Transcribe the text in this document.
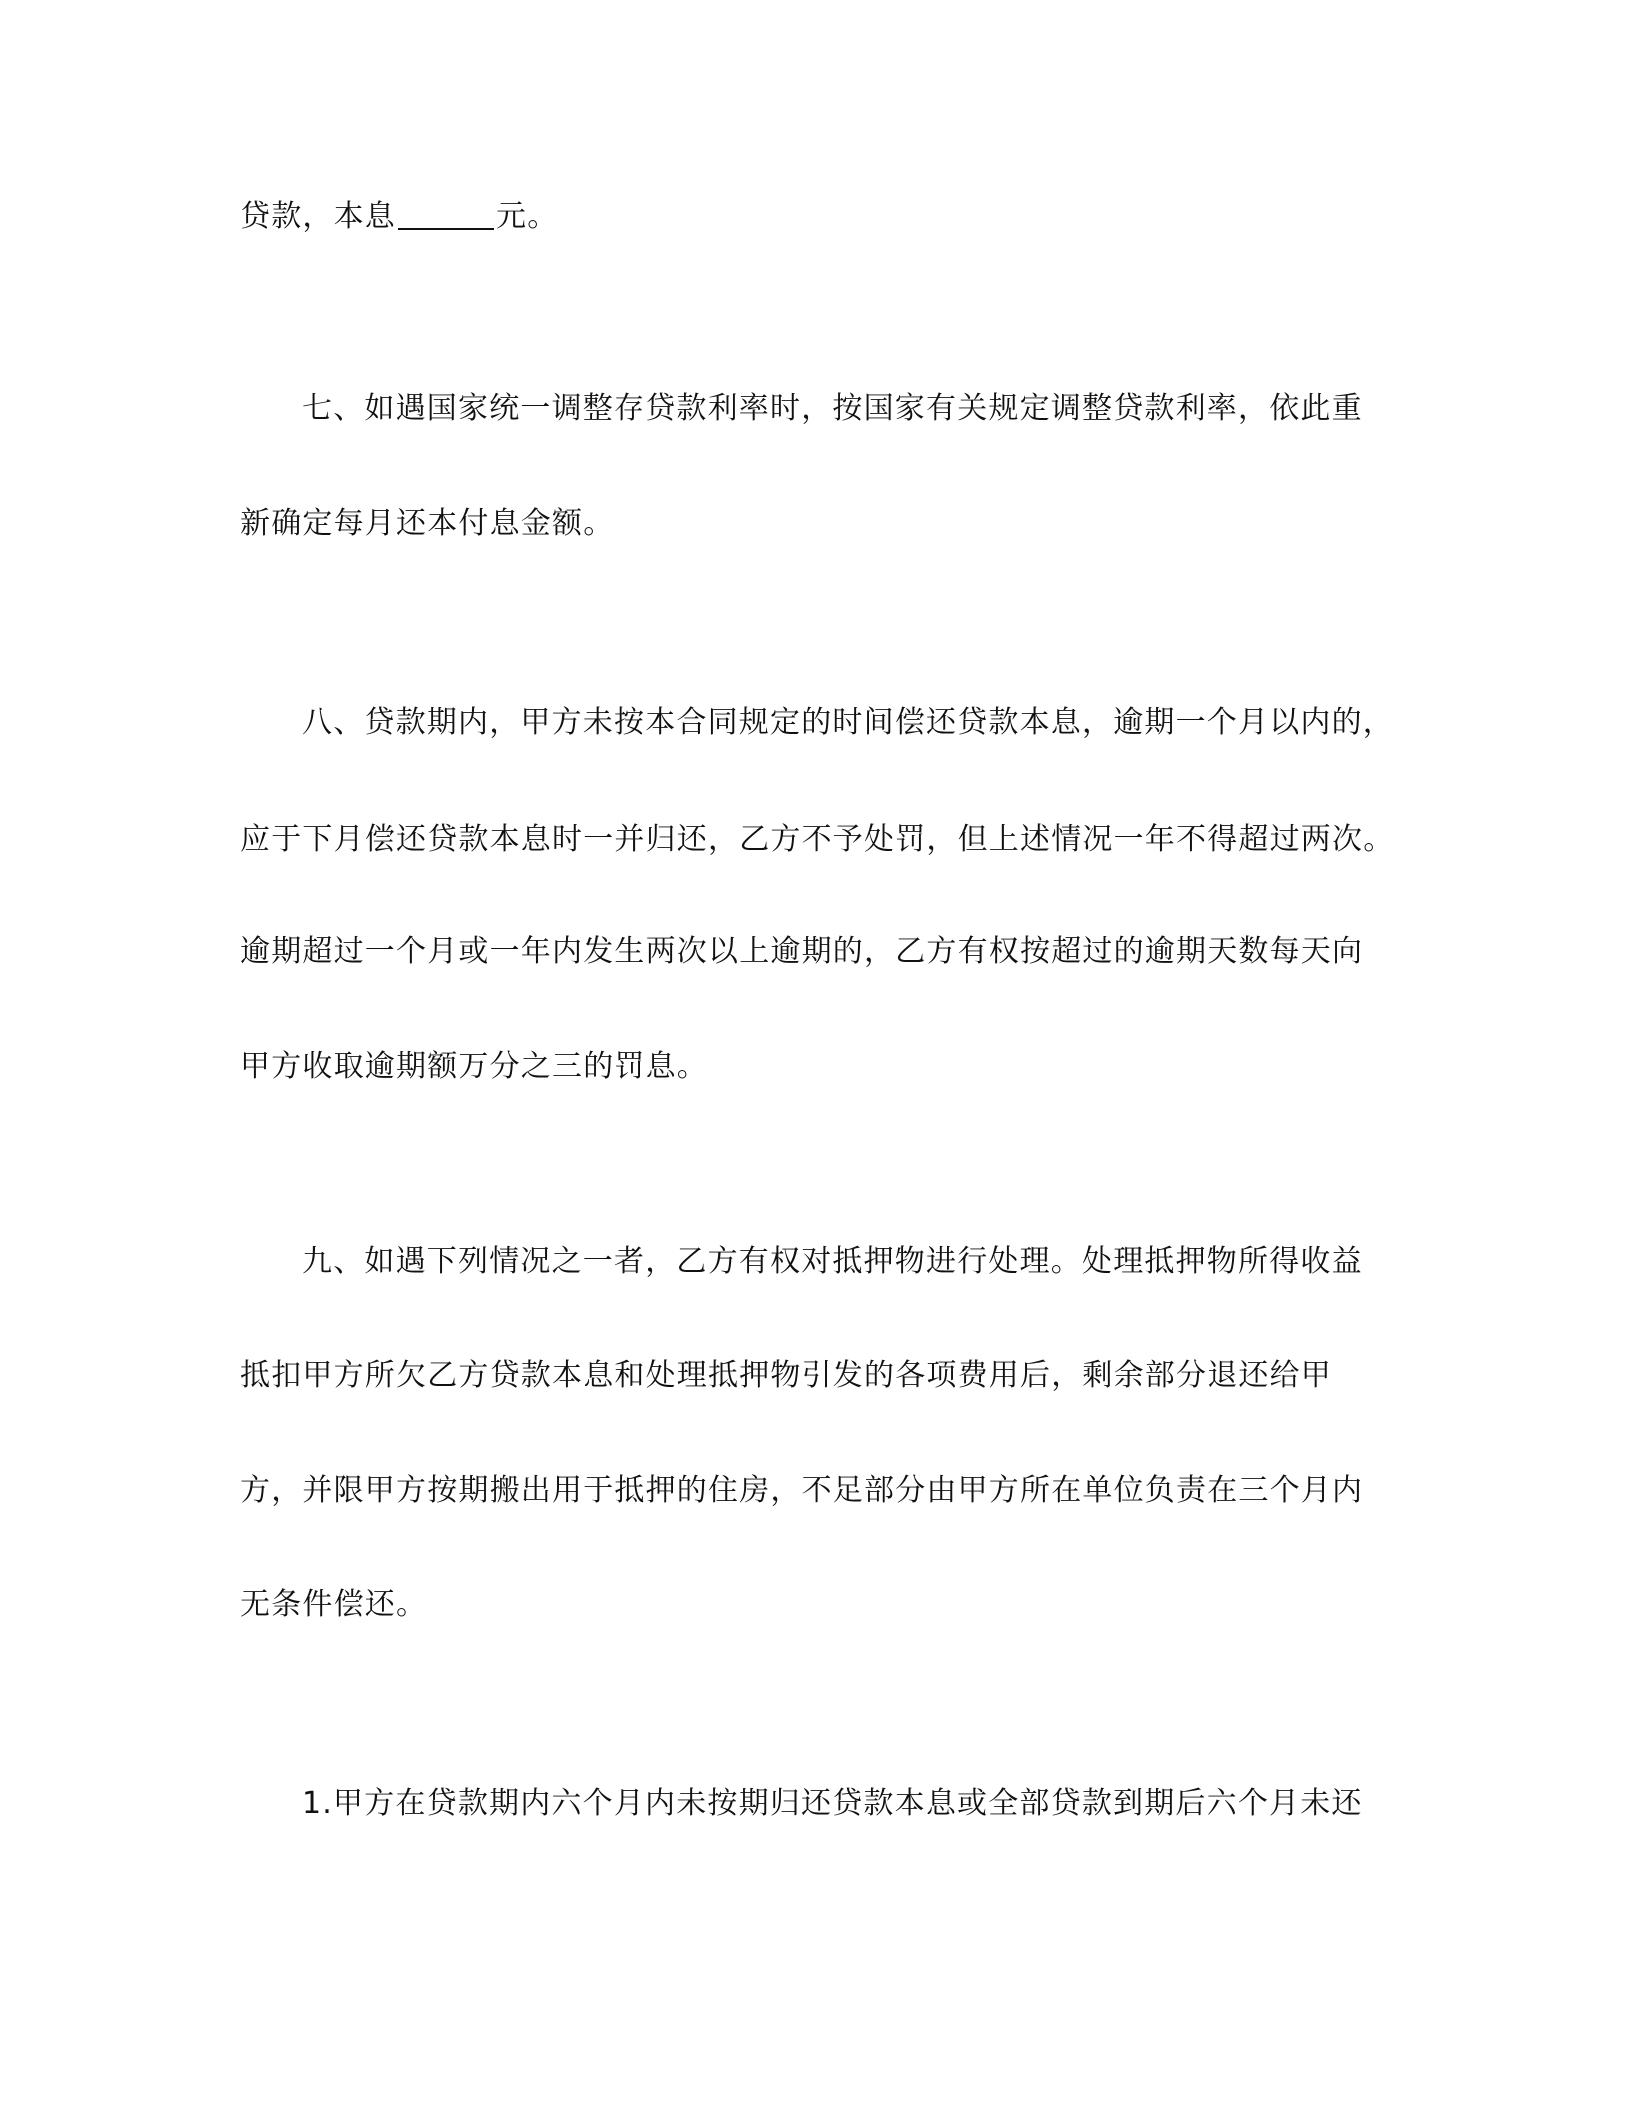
贷款，本息	元。
七、如遇国家统一调整存贷款利率时，按国家有关规定调整贷款利率，依此重
新确定每月还本付息金额。
八、贷款期内，甲方未按本合同规定的时间偿还贷款本息，逾期一个月以内的，
应于下月偿还贷款本息时一并归还，乙方不予处罚，但上述情况一年不得超过两次。
逾期超过一个月或一年内发生两次以上逾期的，乙方有权按超过的逾期天数每天向
甲方收取逾期额万分之三的罚息。
九、如遇下列情况之一者，乙方有权对抵押物进行处理。处理抵押物所得收益
抵扣甲方所欠乙方贷款本息和处理抵押物引发的各项费用后，剩余部分退还给甲
方，并限甲方按期搬出用于抵押的住房，不足部分由甲方所在单位负责在三个月内
无条件偿还。
1.甲方在贷款期内六个月内未按期归还贷款本息或全部贷款到期后六个月未还
